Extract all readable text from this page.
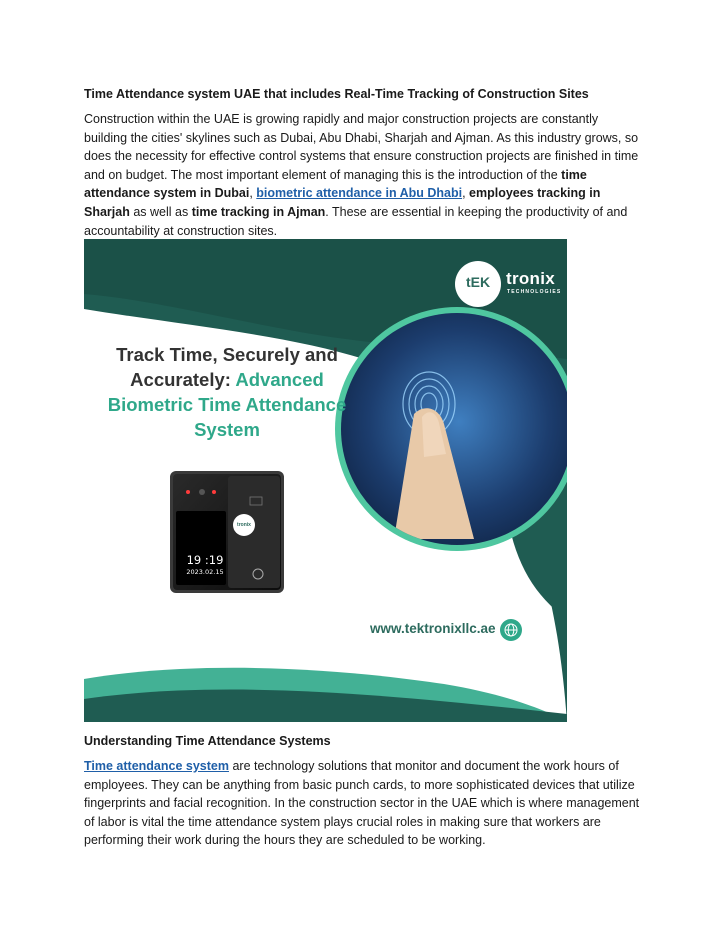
Time Attendance system UAE that includes Real-Time Tracking of Construction Sites

Construction within the UAE is growing rapidly and major construction projects are constantly building the cities' skylines such as Dubai, Abu Dhabi, Sharjah and Ajman. As this industry grows, so does the necessity for effective control systems that ensure construction projects are finished in time and on budget. The most important element of managing this is the introduction of the time attendance system in Dubai, biometric attendance in Abu Dhabi, employees tracking in Sharjah as well as time tracking in Ajman. These are essential in keeping the productivity of and accountability at construction sites.

tEK tronix
TECHNOLOGIES

Track Time, Securely and
Accurately: Advanced
Biometric Time Attendance
System

tronix
19 :19
2023.02.15
www.tektronixllc.ae

Understanding Time Attendance Systems

Time attendance system are technology solutions that monitor and document the work hours of employees. They can be anything from basic punch cards, to more sophisticated devices that utilize fingerprints and facial recognition. In the construction sector in the UAE which is where management of labor is vital the time attendance system plays crucial roles in making sure that workers are performing their work during the hours they are scheduled to be working.
